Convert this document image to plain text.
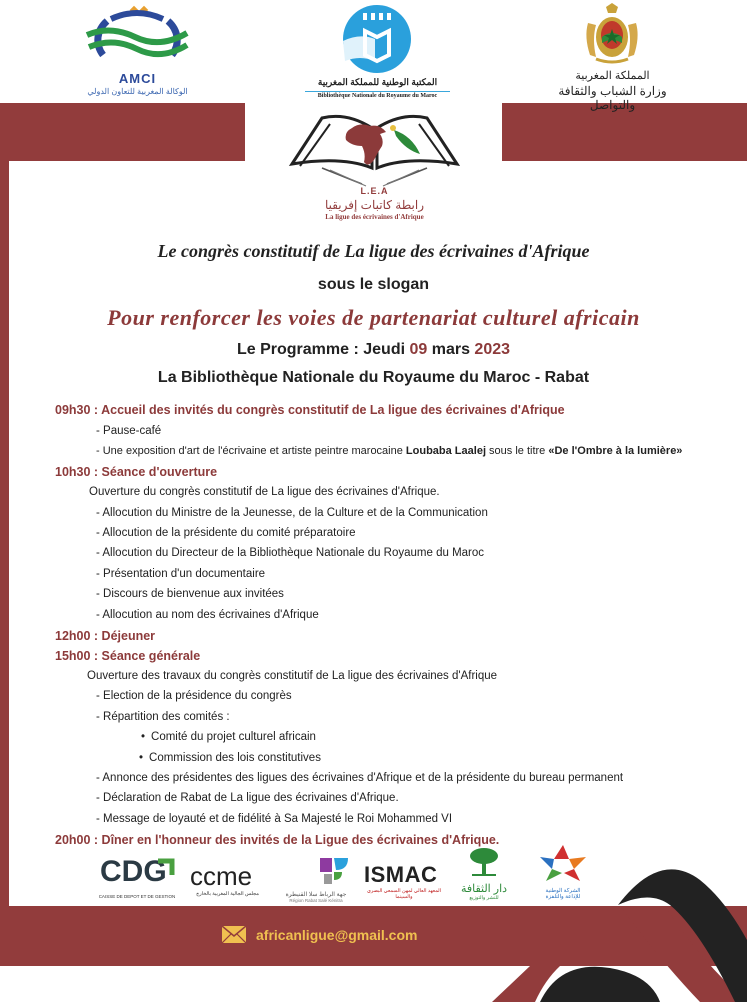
AMCI
الوكالة المغربية للتعاون الدولي
المكتبة الوطنية للمملكة المغربية
Bibliothèque Nationale du Royaume du Maroc
المملكة المغربية
وزارة الشباب والثقافة والتواصل
L.E.A
رابطة كاتبات إفريقيا
La ligue des écrivaines d'Afrique
Le congrès constitutif de La ligue des écrivaines d'Afrique
sous le slogan
Pour renforcer les voies de partenariat culturel africain
Le Programme : Jeudi 09 mars 2023
La Bibliothèque Nationale du Royaume du Maroc - Rabat
09h30 : Accueil des invités du congrès constitutif de La ligue des écrivaines d'Afrique
- Pause-café
- Une exposition d'art de l'écrivaine et artiste peintre marocaine Loubaba Laalej sous le titre «De l'Ombre à la lumière»
10h30 : Séance d'ouverture
Ouverture du congrès constitutif de La ligue des écrivaines d'Afrique.
- Allocution du Ministre de la Jeunesse, de la Culture et de la Communication
- Allocution de la présidente du comité préparatoire
- Allocution du Directeur de la Bibliothèque Nationale du Royaume du Maroc
- Présentation d'un documentaire
- Discours de bienvenue aux invitées
- Allocution au nom des écrivaines d'Afrique
12h00 : Déjeuner
15h00 : Séance générale
Ouverture des travaux du congrès constitutif de La ligue des écrivaines d'Afrique
- Election de la présidence du congrès
- Répartition des comités :
• Comité du projet culturel africain
• Commission des lois constitutives
- Annonce des présidentes des ligues des écrivaines d'Afrique et de la présidente du bureau permanent
- Déclaration de Rabat de La ligue des écrivaines d'Afrique.
- Message de loyauté et de fidélité à Sa Majesté le Roi Mohammed VI
20h00 : Dîner en l'honneur des invités de la Ligue des écrivaines d'Afrique.
CDG
CAISSE DE DEPOT ET DE GESTION
ccme
مجلس الجالية المغربية بالخارج	جهة الرباط سلا القنيطرة
Région Rabat Salé Kénitra
ISMAC
المعهد العالي لمهن السمعي البصري والسينما
دار الثقافة
للنشر والتوزيع
الشركة الوطنية
للإذاعة والتلفزة
africanligue@gmail.com
